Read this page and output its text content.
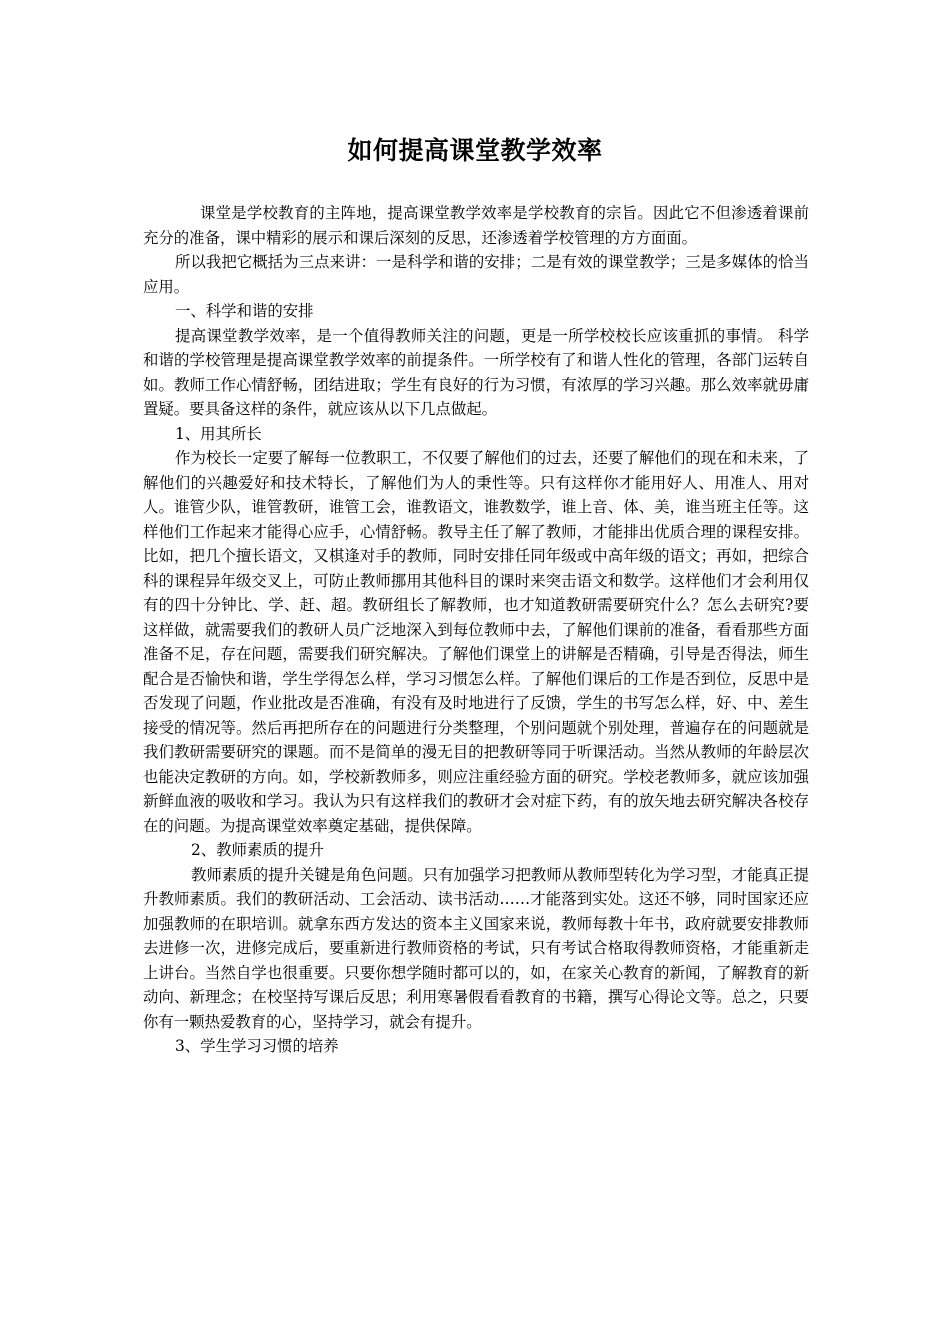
如何提高课堂教学效率

课堂是学校教育的主阵地，提高课堂教学效率是学校教育的宗旨。因此它不但渗透着课前充分的准备，课中精彩的展示和课后深刻的反思，还渗透着学校管理的方方面面。

所以我把它概括为三点来讲：一是科学和谐的安排；二是有效的课堂教学；三是多媒体的恰当应用。

一、科学和谐的安排

提高课堂教学效率，是一个值得教师关注的问题，更是一所学校校长应该重抓的事情。 科学和谐的学校管理是提高课堂教学效率的前提条件。一所学校有了和谐人性化的管理，各部门运转自如。教师工作心情舒畅，团结进取；学生有良好的行为习惯，有浓厚的学习兴趣。那么效率就毋庸置疑。要具备这样的条件，就应该从以下几点做起。

1、用其所长

作为校长一定要了解每一位教职工，不仅要了解他们的过去，还要了解他们的现在和未来，了解他们的兴趣爱好和技术特长，了解他们为人的秉性等。只有这样你才能用好人、用准人、用对人。谁管少队，谁管教研，谁管工会，谁教语文，谁教数学，谁上音、体、美，谁当班主任等。这样他们工作起来才能得心应手，心情舒畅。教导主任了解了教师，才能排出优质合理的课程安排。比如，把几个擅长语文，又棋逢对手的教师，同时安排任同年级或中高年级的语文；再如，把综合科的课程异年级交叉上，可防止教师挪用其他科目的课时来突击语文和数学。这样他们才会利用仅有的四十分钟比、学、赶、超。教研组长了解教师，也才知道教研需要研究什么？怎么去研究?要这样做，就需要我们的教研人员广泛地深入到每位教师中去，了解他们课前的准备，看看那些方面准备不足，存在问题，需要我们研究解决。了解他们课堂上的讲解是否精确，引导是否得法，师生配合是否愉快和谐，学生学得怎么样，学习习惯怎么样。了解他们课后的工作是否到位，反思中是否发现了问题，作业批改是否准确，有没有及时地进行了反馈，学生的书写怎么样，好、中、差生接受的情况等。然后再把所存在的问题进行分类整理，个别问题就个别处理，普遍存在的问题就是我们教研需要研究的课题。而不是简单的漫无目的把教研等同于听课活动。当然从教师的年龄层次也能决定教研的方向。如，学校新教师多，则应注重经验方面的研究。学校老教师多，就应该加强新鲜血液的吸收和学习。我认为只有这样我们的教研才会对症下药，有的放矢地去研究解决各校存在的问题。为提高课堂效率奠定基础，提供保障。

2、教师素质的提升

教师素质的提升关键是角色问题。只有加强学习把教师从教师型转化为学习型，才能真正提升教师素质。我们的教研活动、工会活动、读书活动……才能落到实处。这还不够，同时国家还应加强教师的在职培训。就拿东西方发达的资本主义国家来说，教师每教十年书，政府就要安排教师去进修一次，进修完成后，要重新进行教师资格的考试，只有考试合格取得教师资格，才能重新走上讲台。当然自学也很重要。只要你想学随时都可以的，如，在家关心教育的新闻，了解教育的新动向、新理念；在校坚持写课后反思；利用寒暑假看看教育的书籍，撰写心得论文等。总之，只要你有一颗热爱教育的心，坚持学习，就会有提升。

3、学生学习习惯的培养
